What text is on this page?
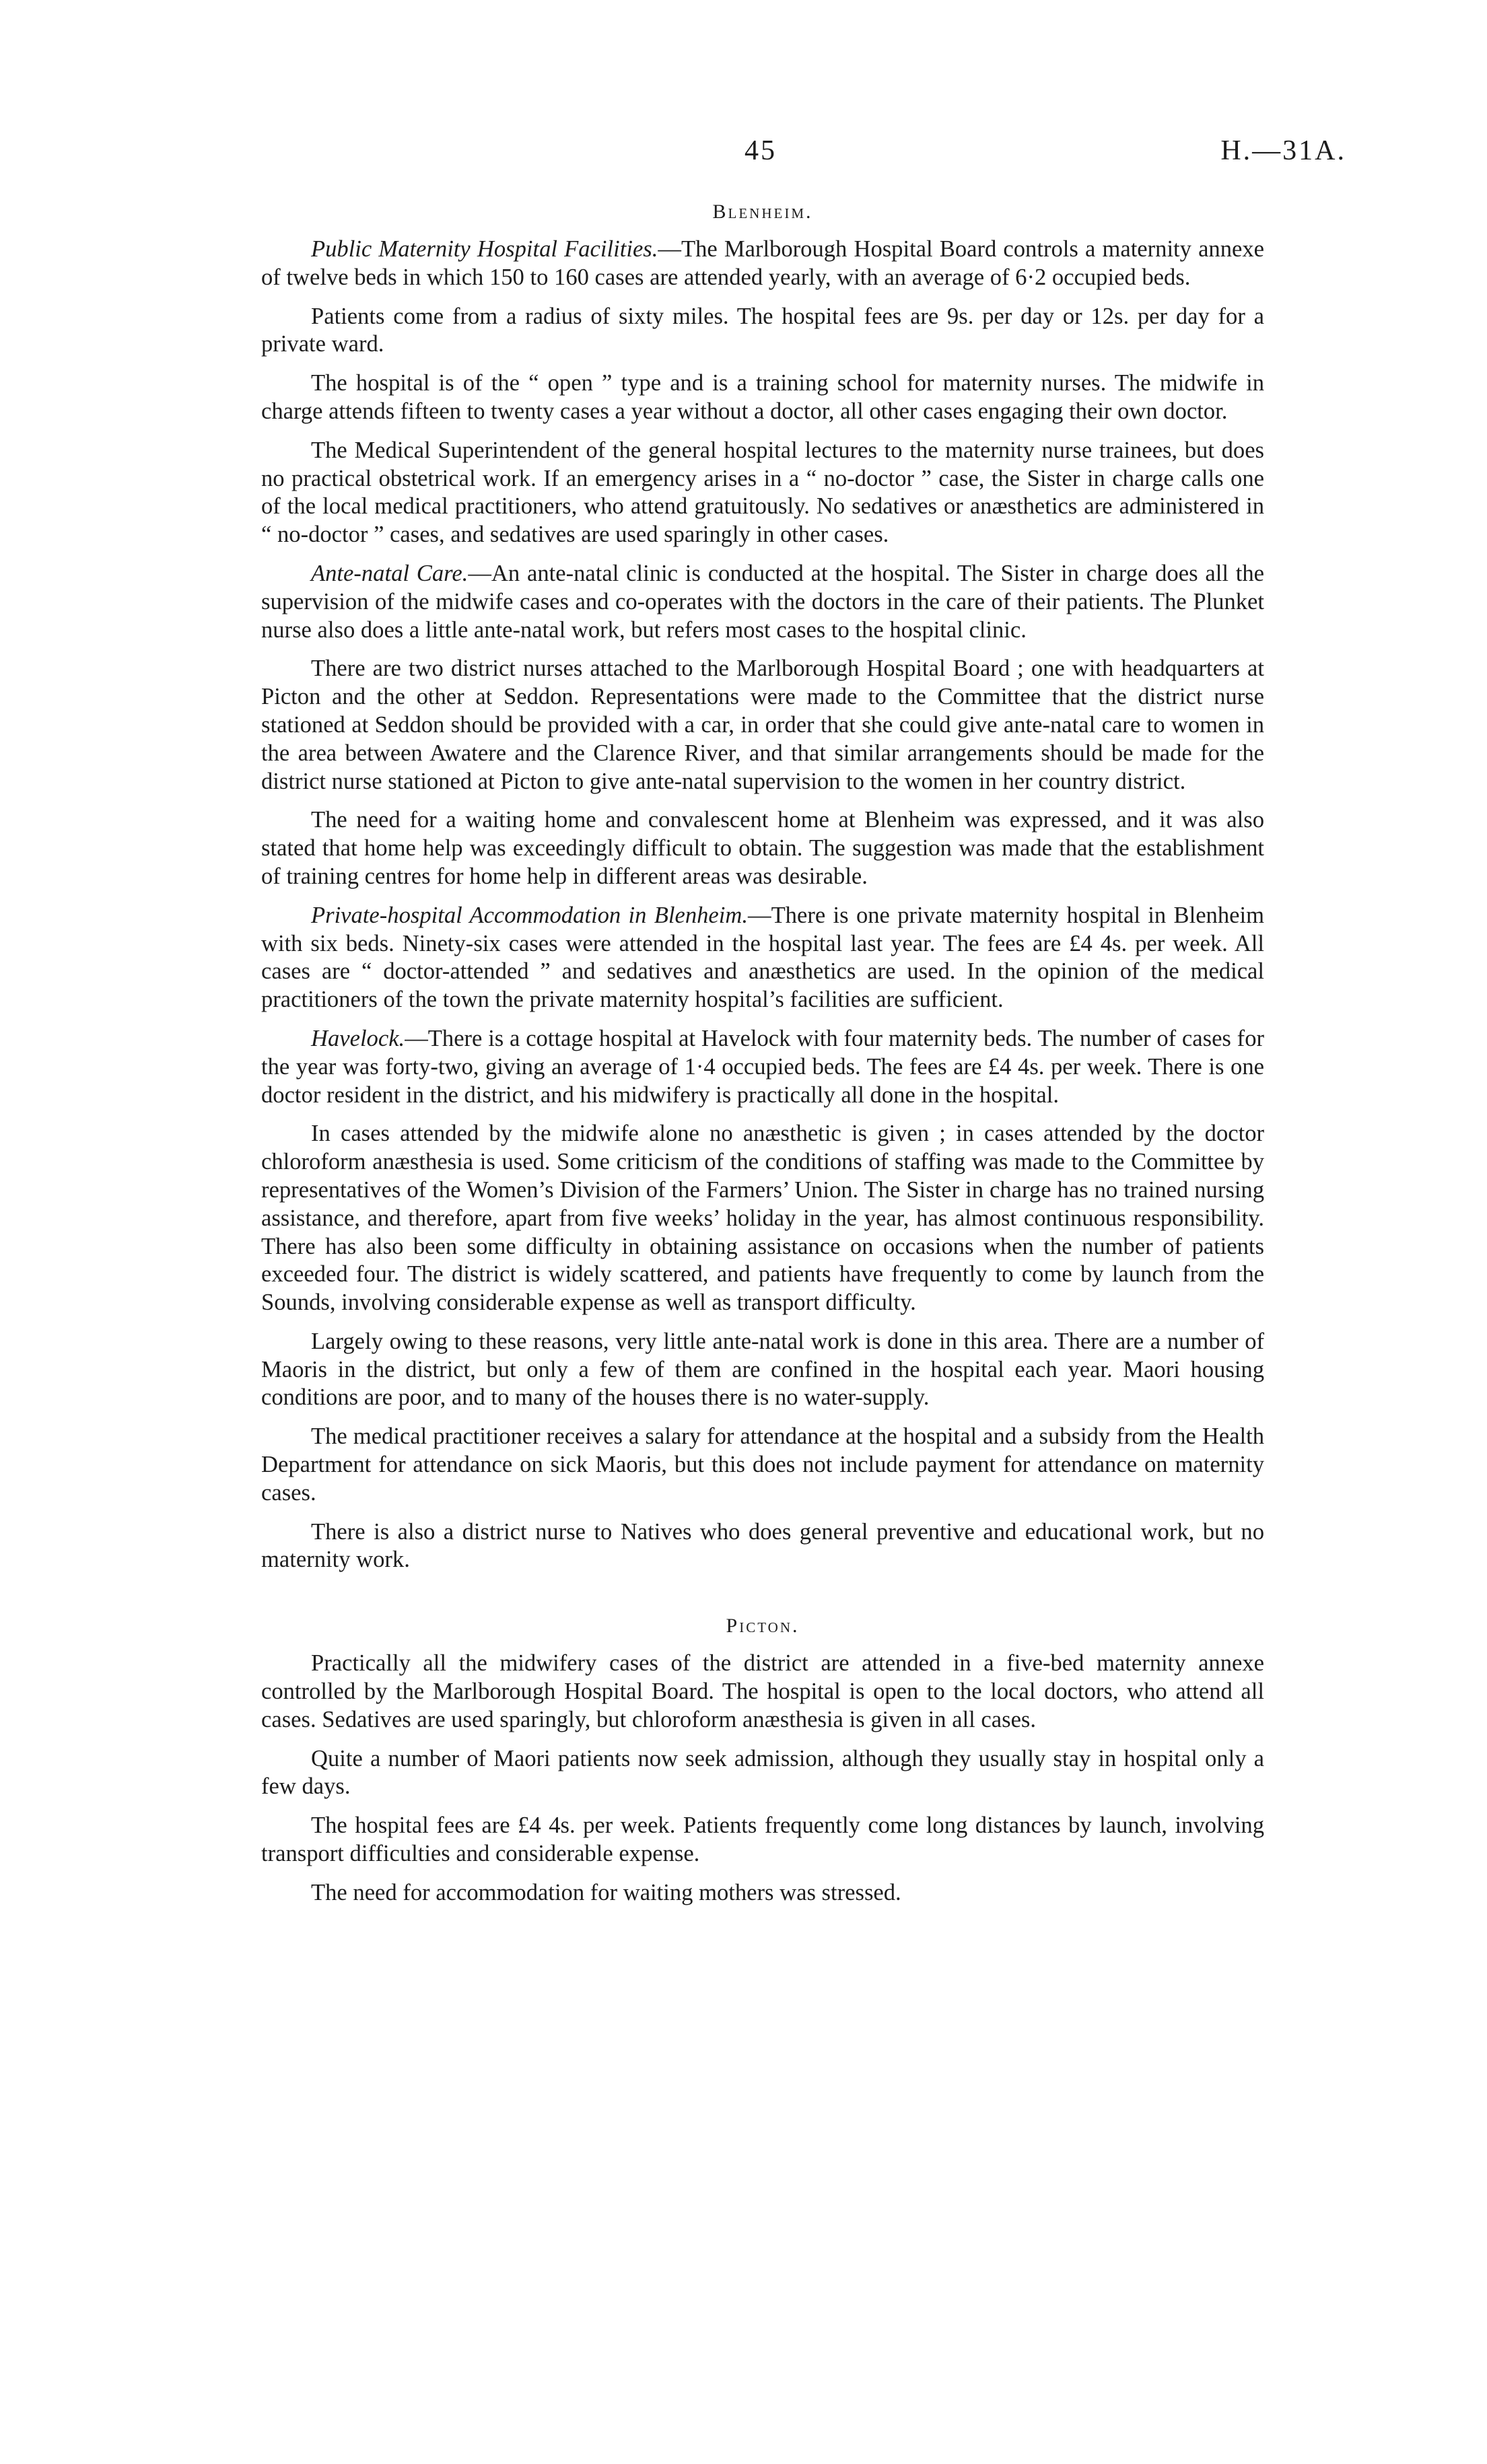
45	H.—31A.
Blenheim.

Public Maternity Hospital Facilities.—The Marlborough Hospital Board controls a maternity annexe of twelve beds in which 150 to 160 cases are attended yearly, with an average of 6·2 occupied beds.

Patients come from a radius of sixty miles. The hospital fees are 9s. per day or 12s. per day for a private ward.

The hospital is of the “ open ” type and is a training school for maternity nurses. The midwife in charge attends fifteen to twenty cases a year without a doctor, all other cases engaging their own doctor.

The Medical Superintendent of the general hospital lectures to the maternity nurse trainees, but does no practical obstetrical work. If an emergency arises in a “ no-doctor ” case, the Sister in charge calls one of the local medical practitioners, who attend gratuitously. No sedatives or anæsthetics are administered in “ no-doctor ” cases, and sedatives are used sparingly in other cases.

Ante-natal Care.—An ante-natal clinic is conducted at the hospital. The Sister in charge does all the supervision of the midwife cases and co-operates with the doctors in the care of their patients. The Plunket nurse also does a little ante-natal work, but refers most cases to the hospital clinic.

There are two district nurses attached to the Marlborough Hospital Board ; one with headquarters at Picton and the other at Seddon. Representations were made to the Committee that the district nurse stationed at Seddon should be provided with a car, in order that she could give ante-natal care to women in the area between Awatere and the Clarence River, and that similar arrangements should be made for the district nurse stationed at Picton to give ante-natal supervision to the women in her country district.

The need for a waiting home and convalescent home at Blenheim was expressed, and it was also stated that home help was exceedingly difficult to obtain. The suggestion was made that the establishment of training centres for home help in different areas was desirable.

Private-hospital Accommodation in Blenheim.—There is one private maternity hospital in Blenheim with six beds. Ninety-six cases were attended in the hospital last year. The fees are £4 4s. per week. All cases are “ doctor-attended ” and sedatives and anæsthetics are used. In the opinion of the medical practitioners of the town the private maternity hospital’s facilities are sufficient.

Havelock.—There is a cottage hospital at Havelock with four maternity beds. The number of cases for the year was forty-two, giving an average of 1·4 occupied beds. The fees are £4 4s. per week. There is one doctor resident in the district, and his midwifery is practically all done in the hospital.

In cases attended by the midwife alone no anæsthetic is given ; in cases attended by the doctor chloroform anæsthesia is used. Some criticism of the conditions of staffing was made to the Committee by representatives of the Women’s Division of the Farmers’ Union. The Sister in charge has no trained nursing assistance, and therefore, apart from five weeks’ holiday in the year, has almost continuous responsibility. There has also been some difficulty in obtaining assistance on occasions when the number of patients exceeded four. The district is widely scattered, and patients have frequently to come by launch from the Sounds, involving considerable expense as well as transport difficulty.

Largely owing to these reasons, very little ante-natal work is done in this area. There are a number of Maoris in the district, but only a few of them are confined in the hospital each year. Maori housing conditions are poor, and to many of the houses there is no water-supply.

The medical practitioner receives a salary for attendance at the hospital and a subsidy from the Health Department for attendance on sick Maoris, but this does not include payment for attendance on maternity cases.

There is also a district nurse to Natives who does general preventive and educational work, but no maternity work.

Picton.

Practically all the midwifery cases of the district are attended in a five-bed maternity annexe controlled by the Marlborough Hospital Board. The hospital is open to the local doctors, who attend all cases. Sedatives are used sparingly, but chloroform anæsthesia is given in all cases.

Quite a number of Maori patients now seek admission, although they usually stay in hospital only a few days.

The hospital fees are £4 4s. per week. Patients frequently come long distances by launch, involving transport difficulties and considerable expense.

The need for accommodation for waiting mothers was stressed.
